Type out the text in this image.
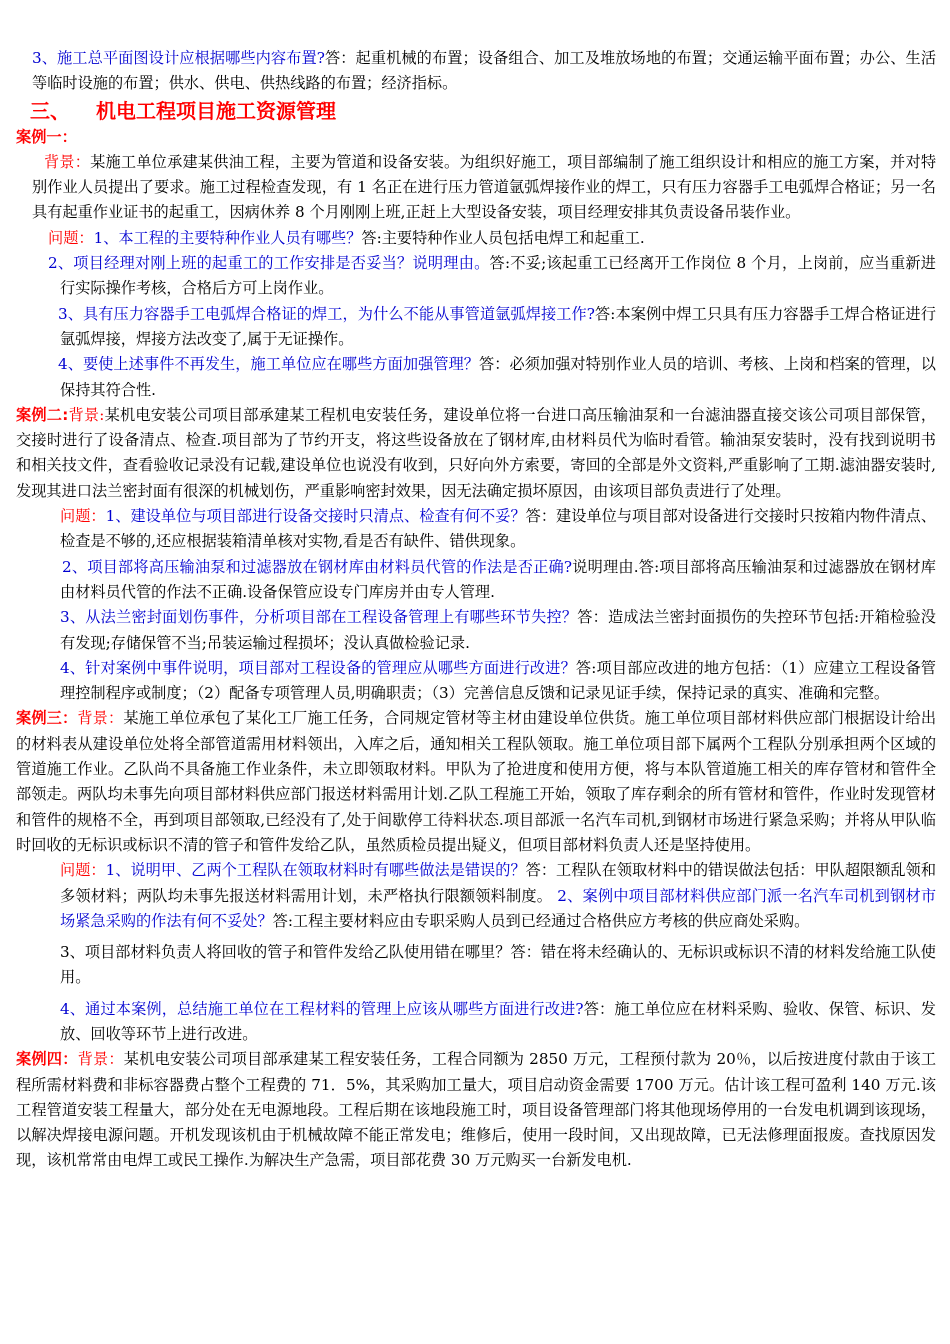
3、施工总平面图设计应根据哪些内容布置?答：起重机械的布置；设备组合、加工及堆放场地的布置；交通运输平面布置；办公、生活等临时设施的布置；供水、供电、供热线路的布置；经济指标。

三、 机电工程项目施工资源管理
案例一：

背景：某施工单位承建某供油工程，主要为管道和设备安装。为组织好施工，项目部编制了施工组织设计和相应的施工方案，并对特别作业人员提出了要求。施工过程检查发现，有 1 名正在进行压力管道氩弧焊接作业的焊工，只有压力容器手工电弧焊合格证；另一名具有起重作业证书的起重工，因病休养 8 个月刚刚上班,正赶上大型设备安装，项目经理安排其负责设备吊装作业。

问题：1、本工程的主要特种作业人员有哪些？答:主要特种作业人员包括电焊工和起重工.

2、项目经理对刚上班的起重工的工作安排是否妥当？说明理由。答:不妥;该起重工已经离开工作岗位 8 个月，上岗前，应当重新进行实际操作考核，合格后方可上岗作业。

3、具有压力容器手工电弧焊合格证的焊工，为什么不能从事管道氩弧焊接工作?答:本案例中焊工只具有压力容器手工焊合格证进行氩弧焊接，焊接方法改变了,属于无证操作。

4、要使上述事件不再发生，施工单位应在哪些方面加强管理？答：必须加强对特别作业人员的培训、考核、上岗和档案的管理，以保持其符合性.

案例二:背景:某机电安装公司项目部承建某工程机电安装任务，建设单位将一台进口高压输油泵和一台滤油器直接交该公司项目部保管，交接时进行了设备清点、检查.项目部为了节约开支，将这些设备放在了钢材库,由材料员代为临时看管。输油泵安装时，没有找到说明书和相关技文件，查看验收记录没有记载,建设单位也说没有收到，只好向外方索要，寄回的全部是外文资料,严重影响了工期.滤油器安装时,发现其进口法兰密封面有很深的机械划伤，严重影响密封效果，因无法确定损坏原因，由该项目部负责进行了处理。

问题：1、建设单位与项目部进行设备交接时只清点、检查有何不妥？答：建设单位与项目部对设备进行交接时只按箱内物件清点、检查是不够的,还应根据装箱清单核对实物,看是否有缺件、错供现象。

2、项目部将高压输油泵和过滤器放在钢材库由材料员代管的作法是否正确?说明理由.答:项目部将高压输油泵和过滤器放在钢材库由材料员代管的作法不正确.设备保管应设专门库房并由专人管理.

3、从法兰密封面划伤事件，分析项目部在工程设备管理上有哪些环节失控？答：造成法兰密封面损伤的失控环节包括:开箱检验没有发现;存储保管不当;吊装运输过程损坏；没认真做检验记录.

4、针对案例中事件说明，项目部对工程设备的管理应从哪些方面进行改进？答:项目部应改进的地方包括：（1）应建立工程设备管理控制程序或制度；（2）配备专项管理人员,明确职责；（3）完善信息反馈和记录见证手续，保持记录的真实、准确和完整。

案例三：背景：某施工单位承包了某化工厂施工任务，合同规定管材等主材由建设单位供货。施工单位项目部材料供应部门根据设计给出的材料表从建设单位处将全部管道需用材料领出，入库之后，通知相关工程队领取。施工单位项目部下属两个工程队分别承担两个区域的管道施工作业。乙队尚不具备施工作业条件，未立即领取材料。甲队为了抢进度和使用方便，将与本队管道施工相关的库存管材和管件全部领走。两队均未事先向项目部材料供应部门报送材料需用计划.乙队工程施工开始，领取了库存剩余的所有管材和管件，作业时发现管材和管件的规格不全，再到项目部领取,已经没有了,处于间歇停工待料状态.项目部派一名汽车司机,到钢材市场进行紧急采购；并将从甲队临时回收的无标识或标识不清的管子和管件发给乙队，虽然质检员提出疑义，但项目部材料负责人还是坚持使用。

问题：1、说明甲、乙两个工程队在领取材料时有哪些做法是错误的？答：工程队在领取材料中的错误做法包括：甲队超限额乱领和多领材料；两队均未事先报送材料需用计划，未严格执行限额领料制度。 2、案例中项目部材料供应部门派一名汽车司机到钢材市场紧急采购的作法有何不妥处？答:工程主要材料应由专职采购人员到已经通过合格供应方考核的供应商处采购。

3、项目部材料负责人将回收的管子和管件发给乙队使用错在哪里？答：错在将未经确认的、无标识或标识不清的材料发给施工队使用。

4、通过本案例，总结施工单位在工程材料的管理上应该从哪些方面进行改进?答：施工单位应在材料采购、验收、保管、标识、发放、回收等环节上进行改进。

案例四：背景：某机电安装公司项目部承建某工程安装任务，工程合同额为 2850 万元，工程预付款为 20％，以后按进度付款由于该工程所需材料费和非标容器费占整个工程费的 71．5%，其采购加工量大，项目启动资金需要 1700 万元。估计该工程可盈利 140 万元.该工程管道安装工程量大，部分处在无电源地段。工程后期在该地段施工时，项目设备管理部门将其他现场停用的一台发电机调到该现场，以解决焊接电源问题。开机发现该机由于机械故障不能正常发电；维修后，使用一段时间，又出现故障，已无法修理面报废。查找原因发现，该机常常由电焊工或民工操作.为解决生产急需，项目部花费 30 万元购买一台新发电机.
